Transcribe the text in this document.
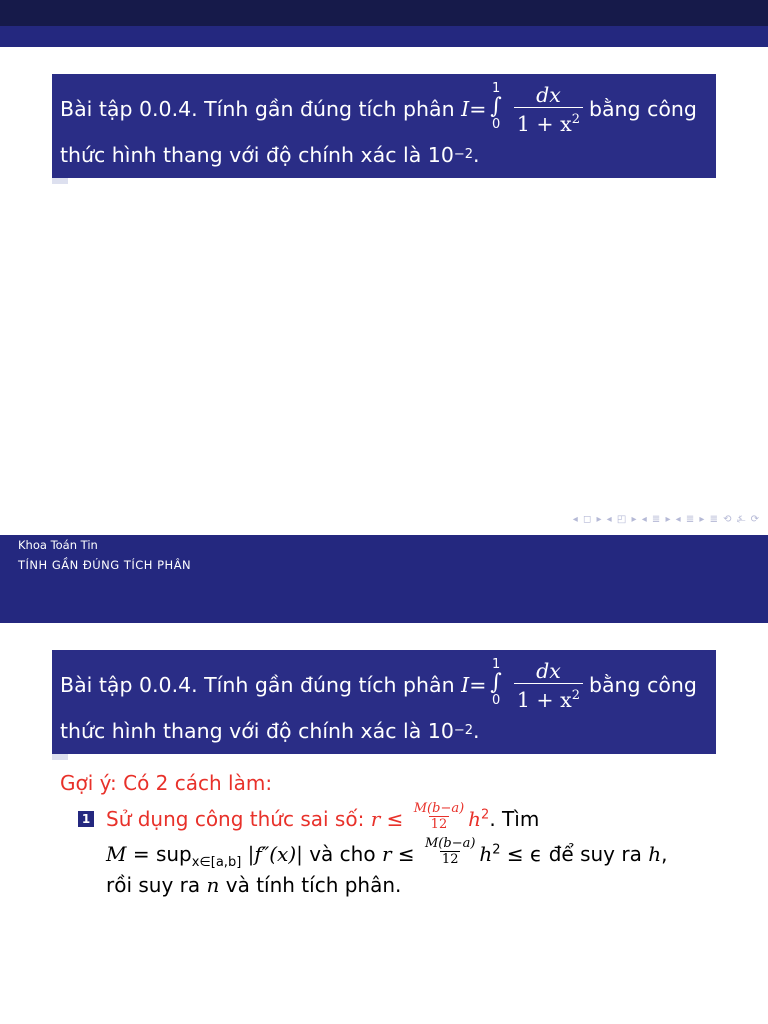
Bài tập 0.0.4. Tính gần đúng tích phân
I =
1
∫
$0 \frac{dx}{1 + x^2}$ bằng công
thức hình thang với độ chính xác là 10 −2 .
◂ ◻ ▸ ◂ ◰ ▸ ◂ ≣ ▸ ◂ ≣ ▸ ≣ ⟲ ⍼ ⟳
Khoa Toán Tin
TÍNH GẦN ĐÚNG TÍCH PHÂN
Bài tập 0.0.4. Tính gần đúng tích phân
I =
1
∫
$0 \frac{dx}{1 + x^2}$ bằng công
thức hình thang với độ chính xác là 10 −2 .
Gợi ý: Có 2 cách làm:
1 Sử dụng công thức sai số: $r \le \frac{M(b-a)}{12} h^2$. Tìm
M = sup$_{x\in[a,b]}$ |f″(x)| và cho $r \le \frac{M(b-a)}{12} h^2 \le \epsilon$ để suy ra h,
rồi suy ra n và tính tích phân.
